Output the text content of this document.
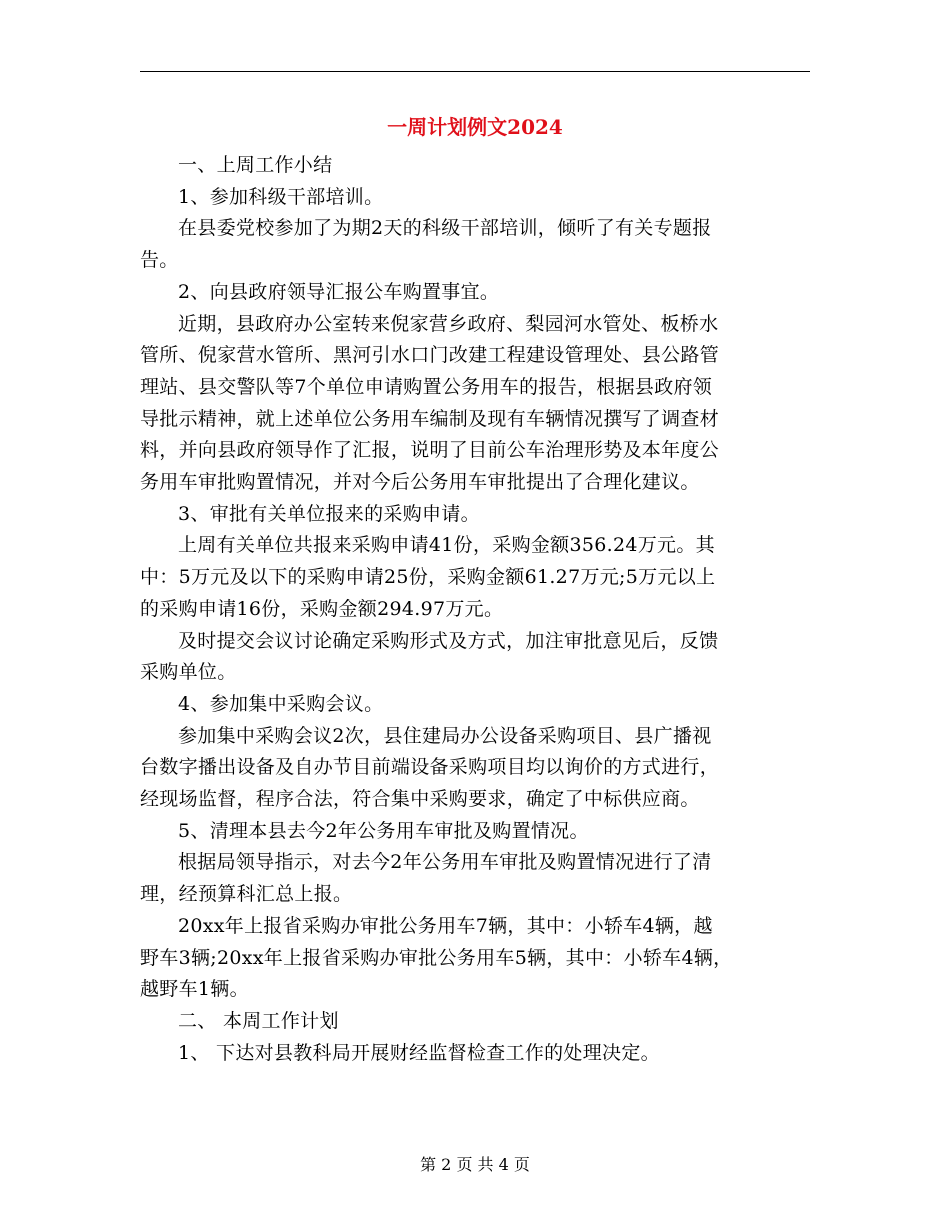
一周计划例文2024

一、上周工作小结

1、参加科级干部培训。

在县委党校参加了为期2天的科级干部培训，倾听了有关专题报
告。

2、向县政府领导汇报公车购置事宜。

近期，县政府办公室转来倪家营乡政府、梨园河水管处、板桥水
管所、倪家营水管所、黑河引水口门改建工程建设管理处、县公路管
理站、县交警队等7个单位申请购置公务用车的报告，根据县政府领
导批示精神，就上述单位公务用车编制及现有车辆情况撰写了调查材
料，并向县政府领导作了汇报，说明了目前公车治理形势及本年度公
务用车审批购置情况，并对今后公务用车审批提出了合理化建议。

3、审批有关单位报来的采购申请。

上周有关单位共报来采购申请41份，采购金额356.24万元。其
中：5万元及以下的采购申请25份，采购金额61.27万元;5万元以上
的采购申请16份，采购金额294.97万元。

及时提交会议讨论确定采购形式及方式，加注审批意见后，反馈
采购单位。

4、参加集中采购会议。

参加集中采购会议2次，县住建局办公设备采购项目、县广播视
台数字播出设备及自办节目前端设备采购项目均以询价的方式进行，
经现场监督，程序合法，符合集中采购要求，确定了中标供应商。

5、清理本县去今2年公务用车审批及购置情况。

根据局领导指示，对去今2年公务用车审批及购置情况进行了清
理，经预算科汇总上报。

20xx年上报省采购办审批公务用车7辆，其中：小轿车4辆，越
野车3辆;20xx年上报省采购办审批公务用车5辆，其中：小轿车4辆，
越野车1辆。

二、 本周工作计划

1、 下达对县教科局开展财经监督检查工作的处理决定。

第 2 页 共 4 页
